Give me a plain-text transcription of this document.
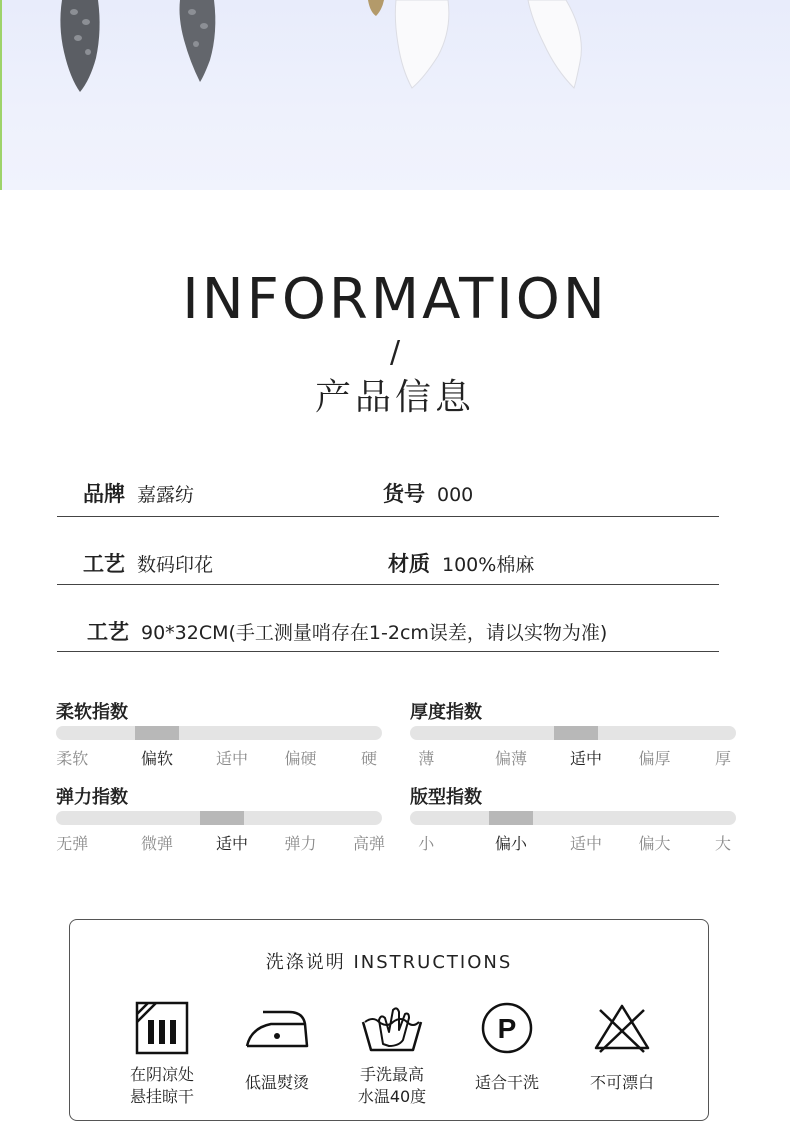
INFORMATION
/
产品信息
品牌 嘉露纺	货号 000
工艺 数码印花	材质 100%棉麻
工艺 90*32CM(手工测量哨存在1-2cm误差，请以实物为准)
柔软指数
柔软	偏软	适中 偏硬	硬
厚度指数
薄	偏薄	适中 偏厚	厚
弹力指数
无弹	微弹	适中 弹力 高弹
版型指数
小	偏小	适中 偏大	大
洗涤说明 INSTRUCTIONS
在阴凉处
悬挂晾干
低温熨烫	手洗最高
水温40度
P
适合干洗	不可漂白
